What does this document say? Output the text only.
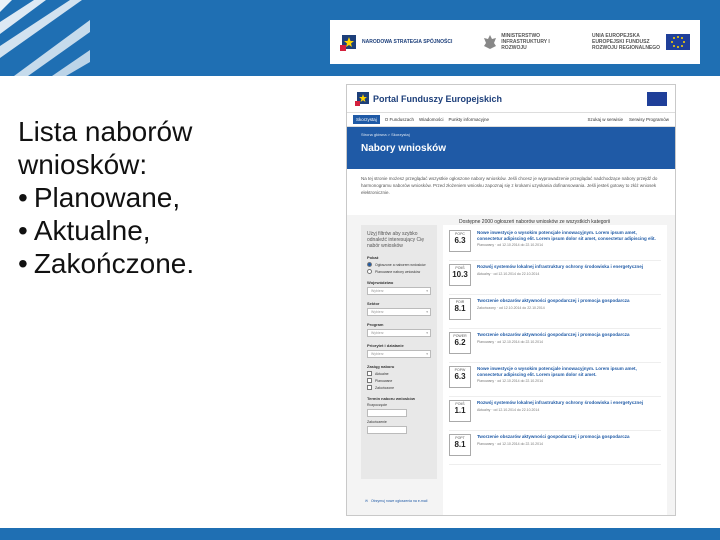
NARODOWA STRATEGIA SPÓJNOŚCI
MINISTERSTWO INFRASTRUKTURY I ROZWOJU
UNIA EUROPEJSKA EUROPEJSKI FUNDUSZ ROZWOJU REGIONALNEGO
Lista naborów
wniosków:
• Planowane,
• Aktualne,
• Zakończone.
Portal Funduszy Europejskich
Skorzystaj	O Funduszach Wiadomości Punkty informacyjne	Szukaj w serwisie Serwisy Programów
Strona główna > Skorzystaj
Nabory wniosków
Na tej stronie możesz przeglądać wszystkie ogłoszone nabory wniosków. Jeśli chcesz je wyprowadzenie przeglądać nadchodzące nabory przejdź do harmonogramu naborów wniosków. Przed złożeniem wniosku zapoznaj się z krokami uzyskania dofinansowania. Jeśli jesteś gotowy to złóż wniosek elektronicznie.
Dostępne 2000 ogłoszeń naborów wniosków ze wszystkich kategorii
Użyj filtrów aby szybko odnaleźć interesujący Cię nabór wniosków
Pokaż
Ogłoszone a naborem wniosków
Planowane nabory wniosków
Województwo
Wybierz	▾
Sektor
Wybierz	▾
Program
Wybierz	▾
Priorytet i działanie
Wybierz	▾
Zasięg naboru
Aktualne
Planowane
Zakończone
Termin naboru wniosków
Rozpoczęcie
Zakończenie
✉ Otrzymuj nowe ogłoszenia na e-mail
POPC
6.3
Nowe inwestycje o wysokim potencjale innowacyjnym. Lorem ipsum amet, consectetur adipiscing elit. Lorem ipsum dolor sit amet, consectetur adipiscing elit.
Planowany · od 12.10.2014 do 22.10.2014
POIiŚ
10.3
Rozwój systemów lokalnej infrastruktury ochrony środowiska i energetycznej
Aktualny · od 12.10.2014 do 22.10.2014
POIR
8.1
Tworzenie obszarów aktywności gospodarczej i promocja gospodarcza
Zakończony · od 12.10.2014 do 22.10.2014
POWER
6.2
Tworzenie obszarów aktywności gospodarczej i promocja gospodarcza
Planowany · od 12.10.2014 do 22.10.2014
POPW
6.3
Nowe inwestycje o wysokim potencjale innowacyjnym. Lorem ipsum amet, consectetur adipiscing elit. Lorem ipsum dolor sit amet.
Planowany · od 12.10.2014 do 22.10.2014
POIiŚ
1.1
Rozwój systemów lokalnej infrastruktury ochrony środowiska i energetycznej
Aktualny · od 12.10.2014 do 22.10.2014
POPT
8.1
Tworzenie obszarów aktywności gospodarczej i promocja gospodarcza
Planowany · od 12.10.2014 do 22.10.2014
